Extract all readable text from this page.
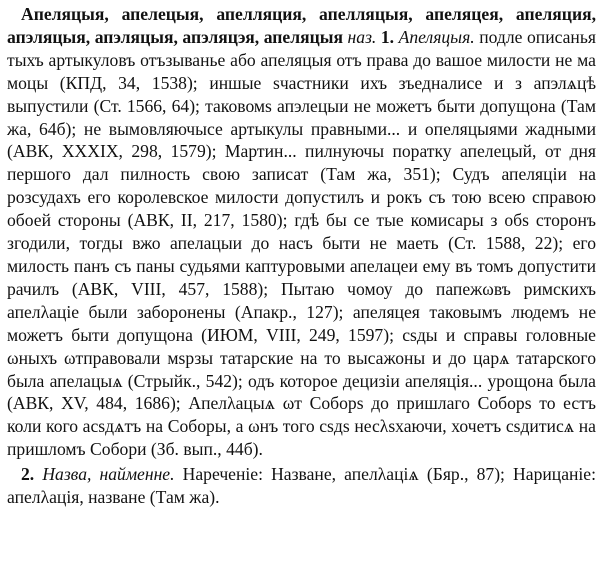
Апеляцыя, апелецыя, апелляция, апелляцыя, апеляцея, апеляция, апэляцыя, апэляцыя, апэляцэя, апеляцыя наз. 1. Апеляцыя. подле описанья тыхъ артыкуловъ отъзыванье або апеляцыя отъ права до вашое милости не ма моцы (КПД, 34, 1538); иншые ѕчастники ихъ зъедналисе и з апэлѧцѣ выпустили (Ст. 1566, 64); таковомѕ апэлецыи не можетъ быти допущона (Там жа, 64б); не вымовляючысе артыкулы правными... и опеляцыями жадными (АВК, XXXIX, 298, 1579); Мартин... пилнуючы поратку апелецый, от дня першого дал пилность свою записат (Там жа, 351); Судъ апеляціи на розсудахъ его королевское милости допустилъ и рокъ съ тою всею справою обоей стороны (АВК, II, 217, 1580); гдѣ бы се тые комисары з обѕ сторонъ згодили, тогды вжо апелацыи до насъ быти не маеть (Ст. 1588, 22); его милость панъ съ паны судьями каптуровыми апелацеи ему въ томъ допустити рачилъ (АВК, VIII, 457, 1588); Пытаю чомоу до папежωвъ римскихъ апелλаціе были заборонены (Апакр., 127); апеляцея таковымъ людемъ не можетъ быти допущона (ИЮМ, VIII, 249, 1597); сѕды и справы головные ωныхъ ωтправовали мѕрзы татарские на то высажоны и до царѧ татарского была апелацыѧ (Стрыйк., 542); одъ которое децизіи апеляція... урощона была (АВК, XV, 484, 1686); Апелλацыѧ ωт Соборѕ до пришлаго Соборѕ то естъ коли кого асѕдѧтъ на Соборы, а ωнъ того сѕдѕ несλѕхаючи, хочетъ сѕдитисѧ на пришломъ Собори (Зб. вып., 44б).

2. Назва, найменне. Нареченіе: Назване, апелλаціѧ (Бяр., 87); Нарицаніе: апелλація, назване (Там жа).
